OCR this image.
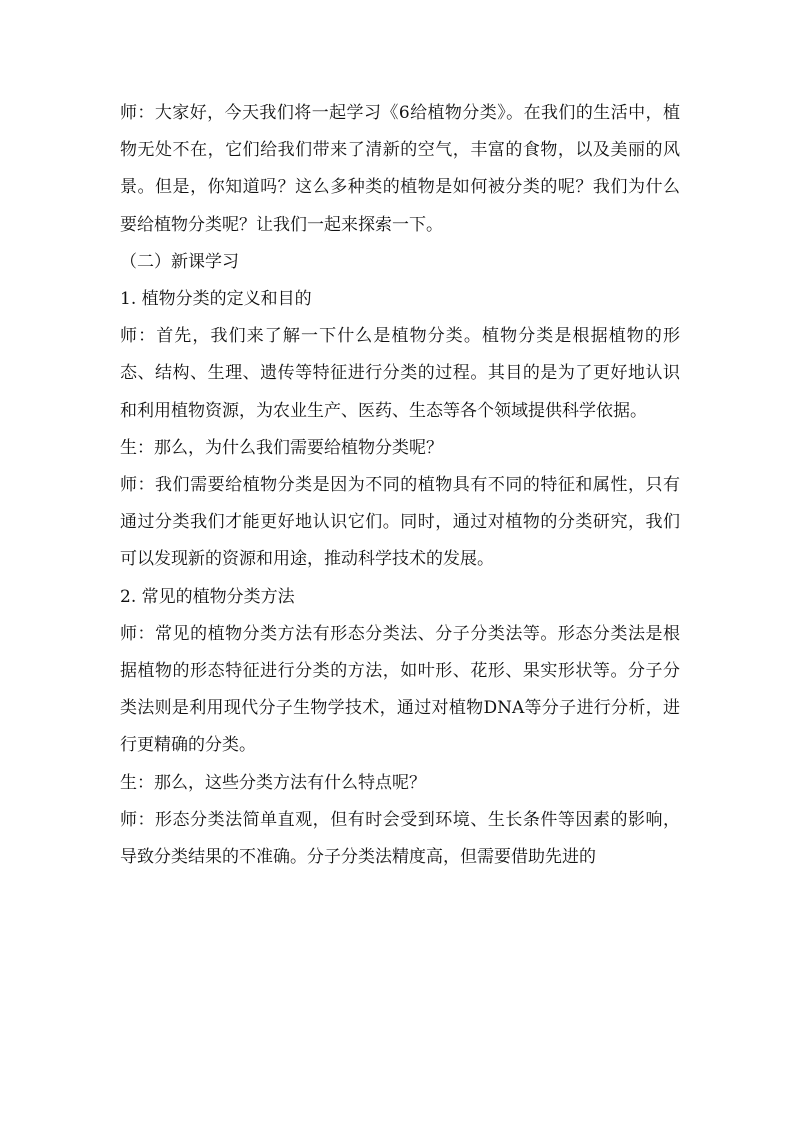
师：大家好，今天我们将一起学习《6给植物分类》。在我们的生活中，植物无处不在，它们给我们带来了清新的空气，丰富的食物，以及美丽的风景。但是，你知道吗？这么多种类的植物是如何被分类的呢？我们为什么要给植物分类呢？让我们一起来探索一下。

（二）新课学习

1. 植物分类的定义和目的

师：首先，我们来了解一下什么是植物分类。植物分类是根据植物的形态、结构、生理、遗传等特征进行分类的过程。其目的是为了更好地认识和利用植物资源，为农业生产、医药、生态等各个领域提供科学依据。

生：那么，为什么我们需要给植物分类呢？

师：我们需要给植物分类是因为不同的植物具有不同的特征和属性，只有通过分类我们才能更好地认识它们。同时，通过对植物的分类研究，我们可以发现新的资源和用途，推动科学技术的发展。

2. 常见的植物分类方法

师：常见的植物分类方法有形态分类法、分子分类法等。形态分类法是根据植物的形态特征进行分类的方法，如叶形、花形、果实形状等。分子分类法则是利用现代分子生物学技术，通过对植物DNA等分子进行分析，进行更精确的分类。

生：那么，这些分类方法有什么特点呢？

师：形态分类法简单直观，但有时会受到环境、生长条件等因素的影响，导致分类结果的不准确。分子分类法精度高，但需要借助先进的
